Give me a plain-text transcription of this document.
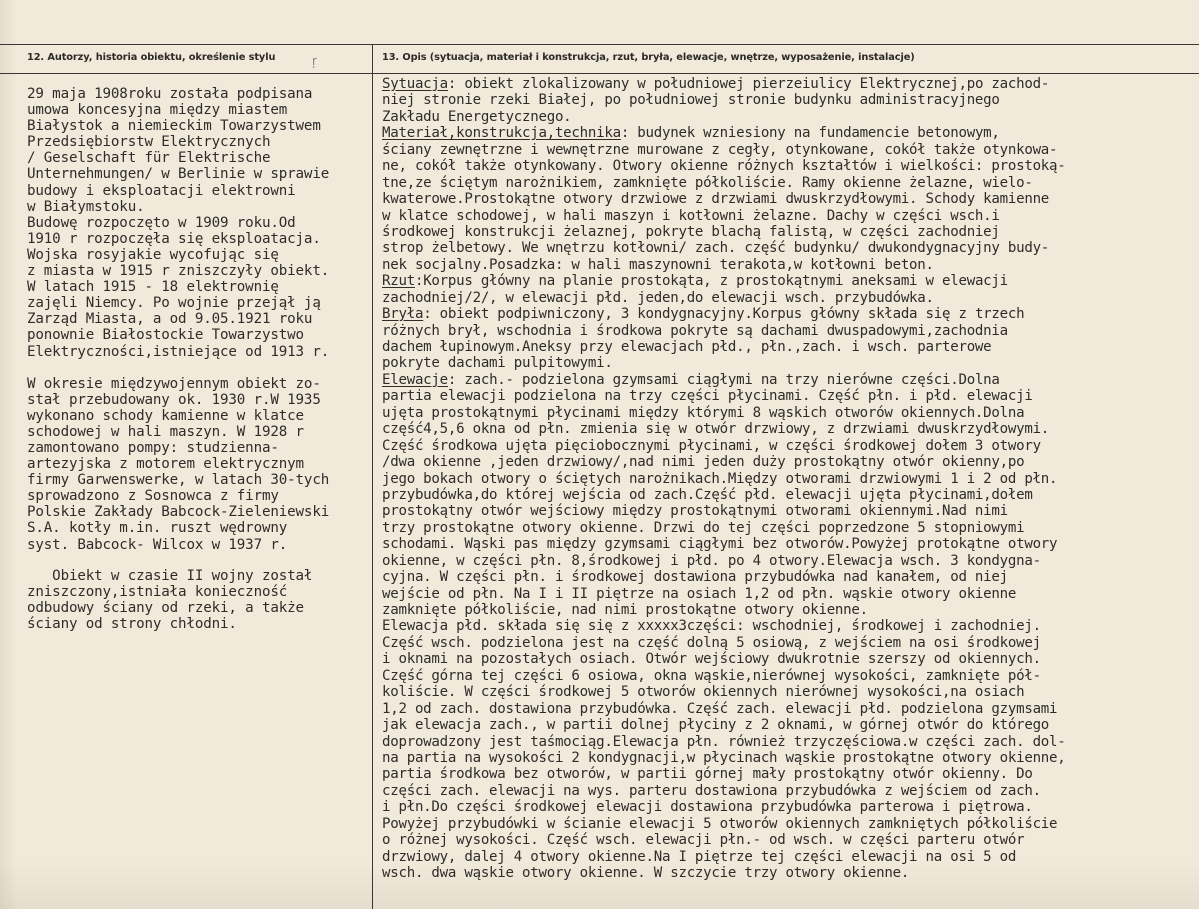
12. Autorzy, historia obiektu, określenie stylu	13. Opis (sytuacja, materiał i konstrukcja, rzut, bryła, elewacje, wnętrze, wyposażenie, instalacje)
ŗ
29 maja 1908roku została podpisana
umowa koncesyjna między miastem
Białystok a niemieckim Towarzystwem
Przedsiębiorstw Elektrycznych
/ Geselschaft für Elektrische
Unternehmungen/ w Berlinie w sprawie
budowy i eksploatacji elektrowni
w Białymstoku.
Budowę rozpoczęto w 1909 roku.Od
1910 r rozpoczęła się eksploatacja.
Wojska rosyjakie wycofując się
z miasta w 1915 r zniszczyły obiekt.
W latach 1915 - 18 elektrownię
zajęli Niemcy. Po wojnie przejął ją
Zarząd Miasta, a od 9.05.1921 roku
ponownie Białostockie Towarzystwo
Elektryczności,istniejące od 1913 r.
W okresie międzywojennym obiekt zo-
stał przebudowany ok. 1930 r.W 1935
wykonano schody kamienne w klatce
schodowej w hali maszyn. W 1928 r
zamontowano pompy: studzienna-
artezyjska z motorem elektrycznym
firmy Garwenswerke, w latach 30-tych
sprowadzono z Sosnowca z firmy
Polskie Zakłady Babcock-Zieleniewski
S.A. kotły m.in. ruszt wędrowny
syst. Babcock- Wilcox w 1937 r.
Obiekt w czasie II wojny został
zniszczony,istniała konieczność
odbudowy ściany od rzeki, a także
ściany od strony chłodni.
Sytuacja: obiekt zlokalizowany w południowej pierzeiulicy Elektrycznej,po zachod-
niej stronie rzeki Białej, po południowej stronie budynku administracyjnego
Zakładu Energetycznego.
Materiał,konstrukcja,technika: budynek wzniesiony na fundamencie betonowym,
ściany zewnętrzne i wewnętrzne murowane z cegły, otynkowane, cokół także otynkowa-
ne, cokół także otynkowany. Otwory okienne różnych kształtów i wielkości: prostoką-
tne,ze ściętym narożnikiem, zamknięte półkoliście. Ramy okienne żelazne, wielo-
kwaterowe.Prostokątne otwory drzwiowe z drzwiami dwuskrzydłowymi. Schody kamienne
w klatce schodowej, w hali maszyn i kotłowni żelazne. Dachy w części wsch.i
środkowej konstrukcji żelaznej, pokryte blachą falistą, w części zachodniej
strop żelbetowy. We wnętrzu kotłowni/ zach. część budynku/ dwukondygnacyjny budy-
nek socjalny.Posadzka: w hali maszynowni terakota,w kotłowni beton.
Rzut:Korpus główny na planie prostokąta, z prostokątnymi aneksami w elewacji
zachodniej/2/, w elewacji płd. jeden,do elewacji wsch. przybudówka.
Bryła: obiekt podpiwniczony, 3 kondygnacyjny.Korpus główny składa się z trzech
różnych brył, wschodnia i środkowa pokryte są dachami dwuspadowymi,zachodnia
dachem łupinowym.Aneksy przy elewacjach płd., płn.,zach. i wsch. parterowe
pokryte dachami pulpitowymi.
Elewacje: zach.- podzielona gzymsami ciągłymi na trzy nierówne części.Dolna
partia elewacji podzielona na trzy części płycinami. Część płn. i płd. elewacji
ujęta prostokątnymi płycinami między którymi 8 wąskich otworów okiennych.Dolna
część4,5,6 okna od płn. zmienia się w otwór drzwiowy, z drzwiami dwuskrzydłowymi.
Część środkowa ujęta pięciobocznymi płycinami, w części środkowej dołem 3 otwory
/dwa okienne ,jeden drzwiowy/,nad nimi jeden duży prostokątny otwór okienny,po
jego bokach otwory o ściętych narożnikach.Między otworami drzwiowymi 1 i 2 od płn.
przybudówka,do której wejścia od zach.Część płd. elewacji ujęta płycinami,dołem
prostokątny otwór wejściowy między prostokątnymi otworami okiennymi.Nad nimi
trzy prostokątne otwory okienne. Drzwi do tej części poprzedzone 5 stopniowymi
schodami. Wąski pas między gzymsami ciągłymi bez otworów.Powyżej protokątne otwory
okienne, w części płn. 8,środkowej i płd. po 4 otwory.Elewacja wsch. 3 kondygna-
cyjna. W części płn. i środkowej dostawiona przybudówka nad kanałem, od niej
wejście od płn. Na I i II piętrze na osiach 1,2 od płn. wąskie otwory okienne
zamknięte półkoliście, nad nimi prostokątne otwory okienne.
Elewacja płd. składa się się z xxxxx3części: wschodniej, środkowej i zachodniej.
Część wsch. podzielona jest na część dolną 5 osiową, z wejściem na osi środkowej
i oknami na pozostałych osiach. Otwór wejściowy dwukrotnie szerszy od okiennych.
Część górna tej części 6 osiowa, okna wąskie,nierównej wysokości, zamknięte pół-
koliście. W części środkowej 5 otworów okiennych nierównej wysokości,na osiach
1,2 od zach. dostawiona przybudówka. Część zach. elewacji płd. podzielona gzymsami
jak elewacja zach., w partii dolnej płyciny z 2 oknami, w górnej otwór do którego
doprowadzony jest taśmociąg.Elewacja płn. również trzyczęściowa.w części zach. dol-
na partia na wysokości 2 kondygnacji,w płycinach wąskie prostokątne otwory okienne,
partia środkowa bez otworów, w partii górnej mały prostokątny otwór okienny. Do
części zach. elewacji na wys. parteru dostawiona przybudówka z wejściem od zach.
i płn.Do części środkowej elewacji dostawiona przybudówka parterowa i piętrowa.
Powyżej przybudówki w ścianie elewacji 5 otworów okiennych zamkniętych półkoliście
o różnej wysokości. Część wsch. elewacji płn.- od wsch. w części parteru otwór
drzwiowy, dalej 4 otwory okienne.Na I piętrze tej części elewacji na osi 5 od
wsch. dwa wąskie otwory okienne. W szczycie trzy otwory okienne.
